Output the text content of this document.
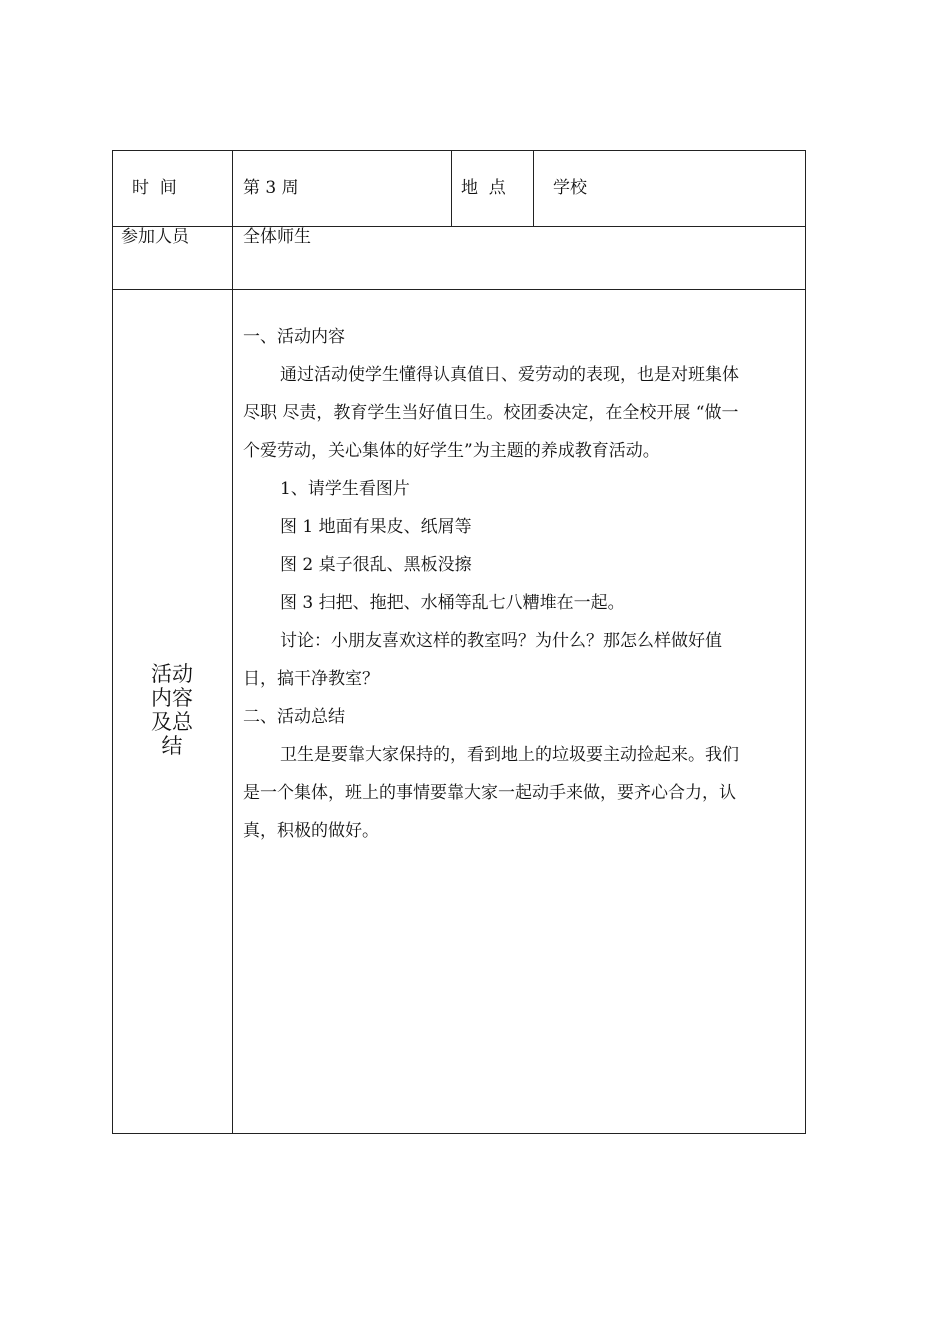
时  间	第 3 周	地  点	学校
参加人员	全体师生
活动
内容
及总
结

一、活动内容

通过活动使学生懂得认真值日、爱劳动的表现，也是对班集体

尽职 尽责，教育学生当好值日生。校团委决定，在全校开展 “做一

个爱劳动，关心集体的好学生”为主题的养成教育活动。

1、请学生看图片

图 1 地面有果皮、纸屑等

图 2 桌子很乱、黑板没擦

图 3 扫把、拖把、水桶等乱七八糟堆在一起。

讨论：小朋友喜欢这样的教室吗？为什么？那怎么样做好值

日，搞干净教室？

二、活动总结

卫生是要靠大家保持的，看到地上的垃圾要主动捡起来。我们

是一个集体，班上的事情要靠大家一起动手来做，要齐心合力，认

真，积极的做好。
